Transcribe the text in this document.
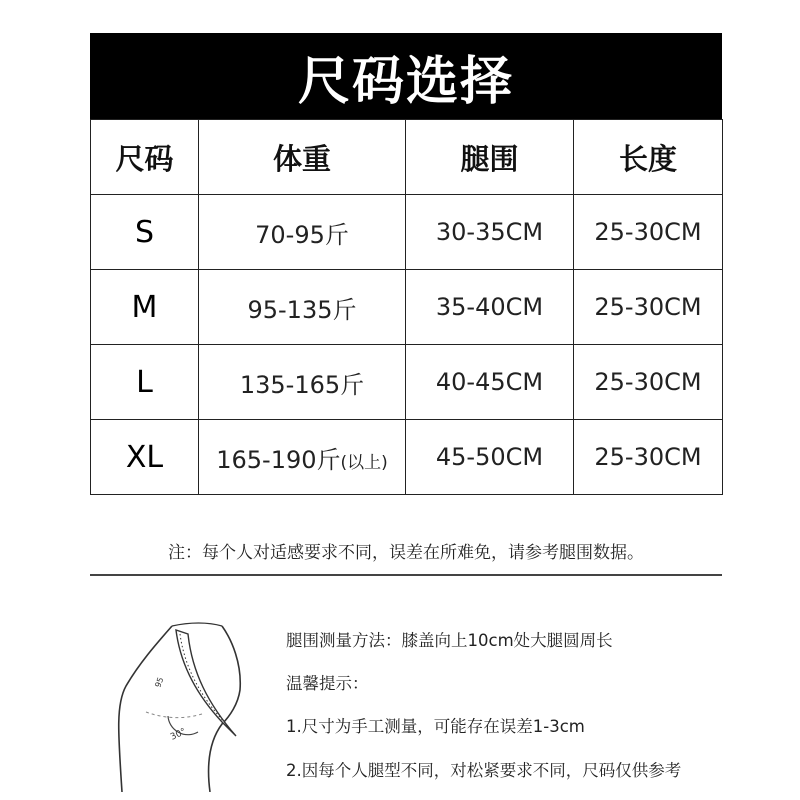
尺码选择
尺码	体重	腿围	长度
S	70-95斤	30-35CM	25-30CM
M	95-135斤	35-40CM	25-30CM
L	135-165斤	40-45CM	25-30CM
XL	165-190斤(以上)	45-50CM	25-30CM
注：每个人对适感要求不同，误差在所难免，请参考腿围数据。
95
30°
腿围测量方法：膝盖向上10cm处大腿圆周长
温馨提示：
1.尺寸为手工测量，可能存在误差1-3cm
2.因每个人腿型不同，对松紧要求不同，尺码仅供参考
